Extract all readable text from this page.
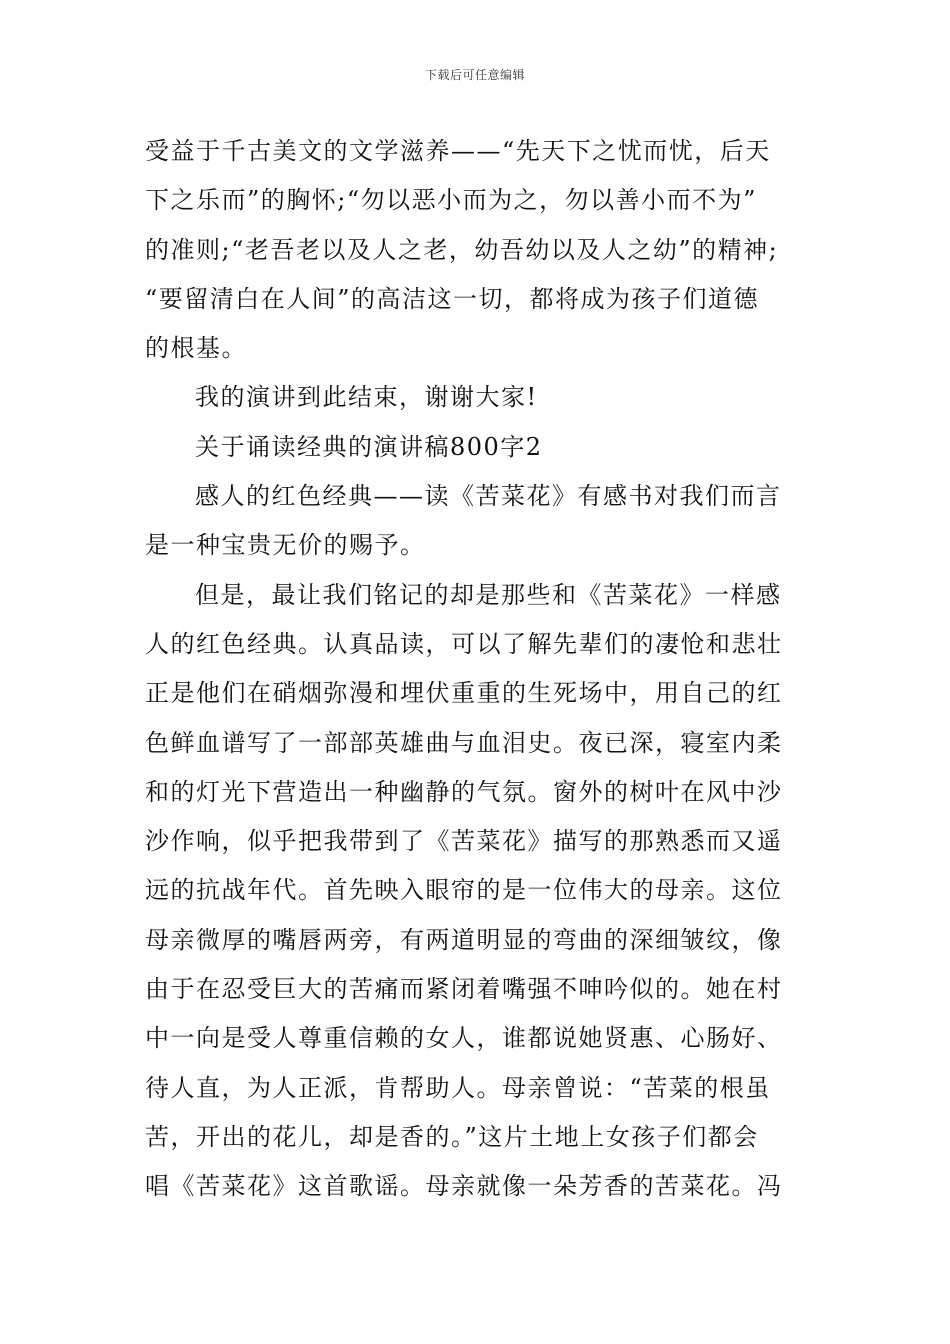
下载后可任意编辑
受益于千古美文的文学滋养——“先天下之忧而忧，后天
下之乐而”的胸怀;“勿以恶小而为之，勿以善小而不为”
的准则;“老吾老以及人之老，幼吾幼以及人之幼”的精神;
“要留清白在人间”的高洁这一切，都将成为孩子们道德
的根基。
我的演讲到此结束，谢谢大家!
关于诵读经典的演讲稿800字2
感人的红色经典——读《苦菜花》有感书对我们而言
是一种宝贵无价的赐予。
但是，最让我们铭记的却是那些和《苦菜花》一样感
人的红色经典。认真品读，可以了解先辈们的凄怆和悲壮
正是他们在硝烟弥漫和埋伏重重的生死场中，用自己的红
色鲜血谱写了一部部英雄曲与血泪史。夜已深，寝室内柔
和的灯光下营造出一种幽静的气氛。窗外的树叶在风中沙
沙作响，似乎把我带到了《苦菜花》描写的那熟悉而又遥
远的抗战年代。首先映入眼帘的是一位伟大的母亲。这位
母亲微厚的嘴唇两旁，有两道明显的弯曲的深细皱纹，像
由于在忍受巨大的苦痛而紧闭着嘴强不呻吟似的。她在村
中一向是受人尊重信赖的女人，谁都说她贤惠、心肠好、
待人直，为人正派，肯帮助人。母亲曾说：“苦菜的根虽
苦，开出的花儿，却是香的。”这片土地上女孩子们都会
唱《苦菜花》这首歌谣。母亲就像一朵芳香的苦菜花。冯
